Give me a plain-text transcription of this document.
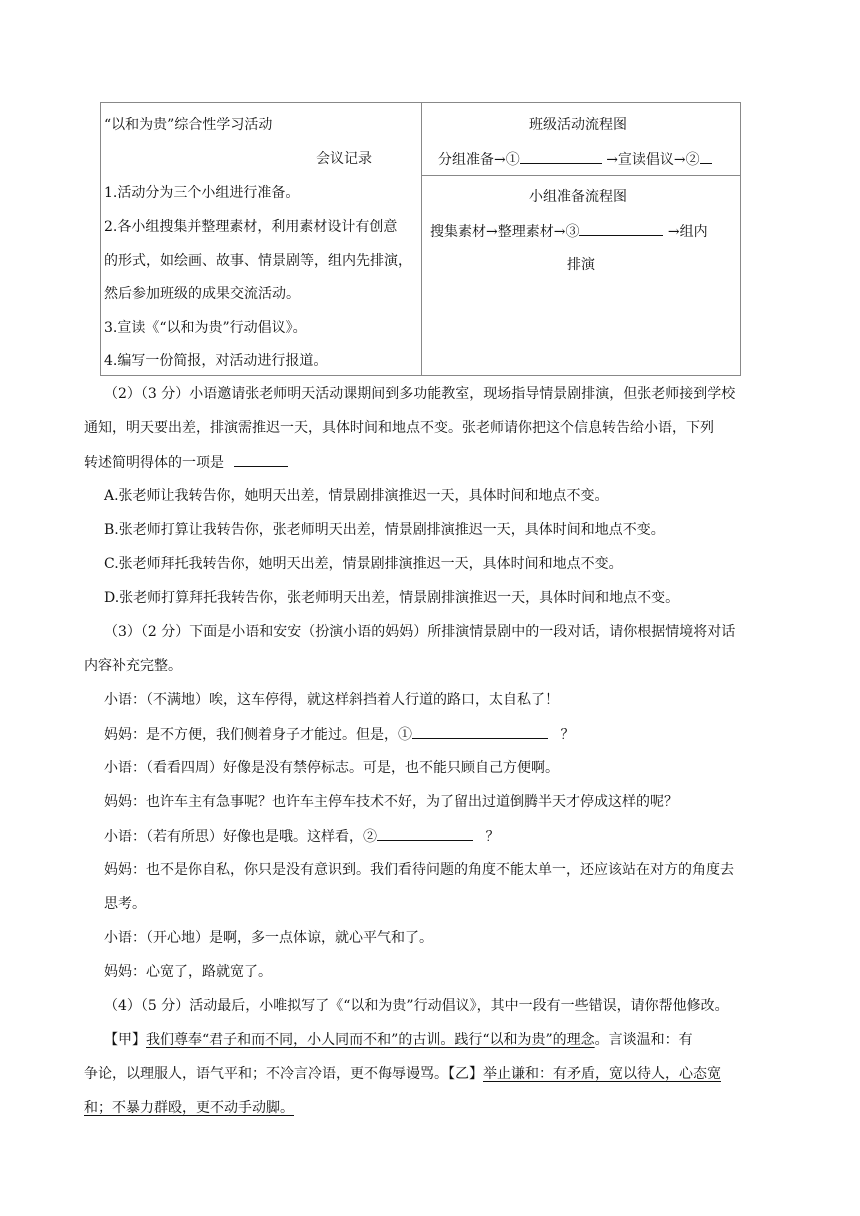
“以和为贵”综合性学习活动
会议记录
1.活动分为三个小组进行准备。
2.各小组搜集并整理素材，利用素材设计有创意
的形式，如绘画、故事、情景剧等，组内先排演，
然后参加班级的成果交流活动。
3.宣读《“以和为贵”行动倡议》。
4.编写一份简报，对活动进行报道。
班级活动流程图
分组准备→①	→宣读倡议→②
小组准备流程图
搜集素材→整理素材→③	→组内
排演
（2）（3 分）小语邀请张老师明天活动课期间到多功能教室，现场指导情景剧排演，但张老师接到学校
通知，明天要出差，排演需推迟一天，具体时间和地点不变。张老师请你把这个信息转告给小语，下列
转述简明得体的一项是
A.张老师让我转告你，她明天出差，情景剧排演推迟一天，具体时间和地点不变。
B.张老师打算让我转告你，张老师明天出差，情景剧排演推迟一天，具体时间和地点不变。
C.张老师拜托我转告你，她明天出差，情景剧排演推迟一天，具体时间和地点不变。
D.张老师打算拜托我转告你，张老师明天出差，情景剧排演推迟一天，具体时间和地点不变。
（3）（2 分）下面是小语和安安（扮演小语的妈妈）所排演情景剧中的一段对话，请你根据情境将对话
内容补充完整。
小语：（不满地）唉，这车停得，就这样斜挡着人行道的路口，太自私了！
妈妈：是不方便，我们侧着身子才能过。但是，①	？
小语：（看看四周）好像是没有禁停标志。可是，也不能只顾自己方便啊。
妈妈：也许车主有急事呢？也许车主停车技术不好，为了留出过道倒腾半天才停成这样的呢？
小语：（若有所思）好像也是哦。这样看，②	？
妈妈：也不是你自私，你只是没有意识到。我们看待问题的角度不能太单一，还应该站在对方的角度去
思考。
小语：（开心地）是啊，多一点体谅，就心平气和了。
妈妈：心宽了，路就宽了。
（4）（5 分）活动最后，小唯拟写了《“以和为贵”行动倡议》，其中一段有一些错误，请你帮他修改。
【甲】我们尊奉“君子和而不同，小人同而不和”的古训。践行“以和为贵”的理念。言谈温和：有
争论，以理服人，语气平和；不冷言冷语，更不侮辱谩骂。【乙】举止谦和：有矛盾，宽以待人，心态宽
和；不暴力群殴，更不动手动脚。
